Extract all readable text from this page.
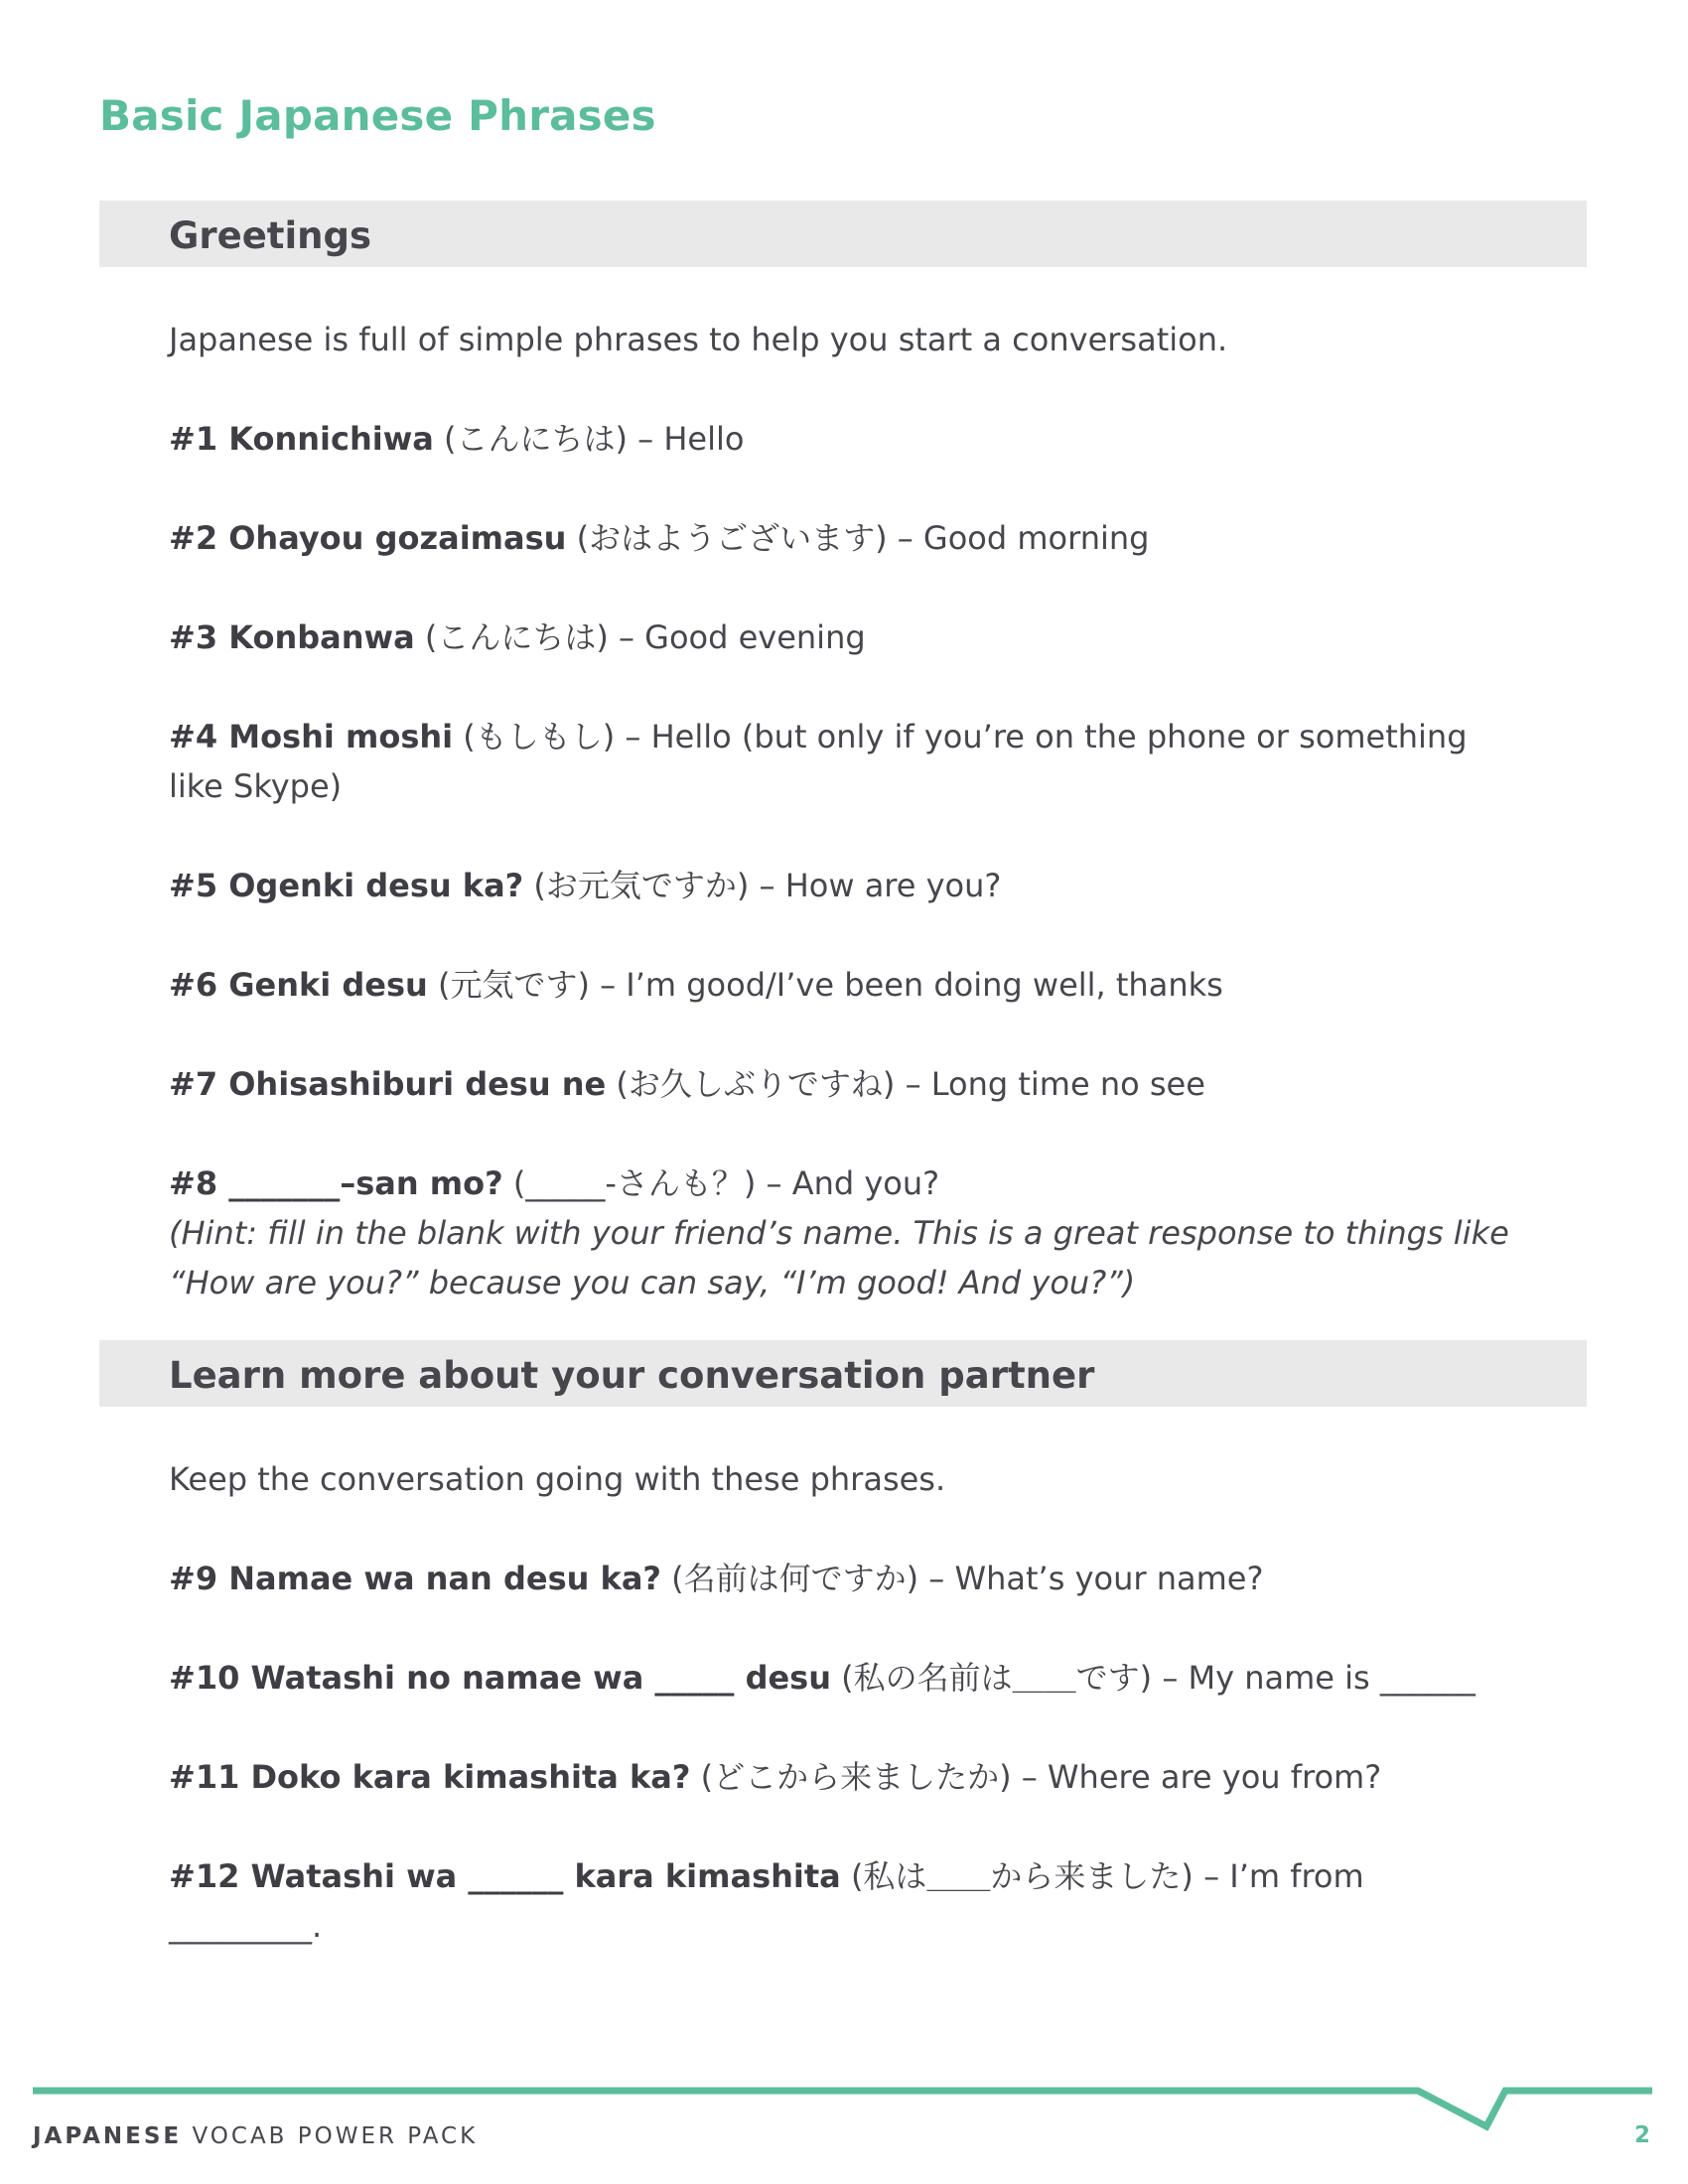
Basic Japanese Phrases
Greetings
Japanese is full of simple phrases to help you start a conversation.
#1 Konnichiwa (こんにちは) – Hello
#2 Ohayou gozaimasu (おはようございます) – Good morning
#3 Konbanwa (こんにちは) – Good evening
#4 Moshi moshi (もしもし) – Hello (but only if you’re on the phone or something like Skype)
#5 Ogenki desu ka? (お元気ですか) – How are you?
#6 Genki desu (元気です) – I’m good/I’ve been doing well, thanks
#7 Ohisashiburi desu ne (お久しぶりですね) – Long time no see
#8 _______–san mo? (_____-さんも？) – And you?
(Hint: fill in the blank with your friend’s name. This is a great response to things like “How are you?” because you can say, “I’m good! And you?”)
Learn more about your conversation partner
Keep the conversation going with these phrases.
#9 Namae wa nan desu ka? (名前は何ですか) – What’s your name?
#10 Watashi no namae wa _____ desu (私の名前は＿＿です) – My name is ______
#11 Doko kara kimashita ka? (どこから来ましたか) – Where are you from?
#12 Watashi wa ______ kara kimashita (私は＿＿から来ました) – I’m from _________.
JAPANESE VOCAB POWER PACK	2
